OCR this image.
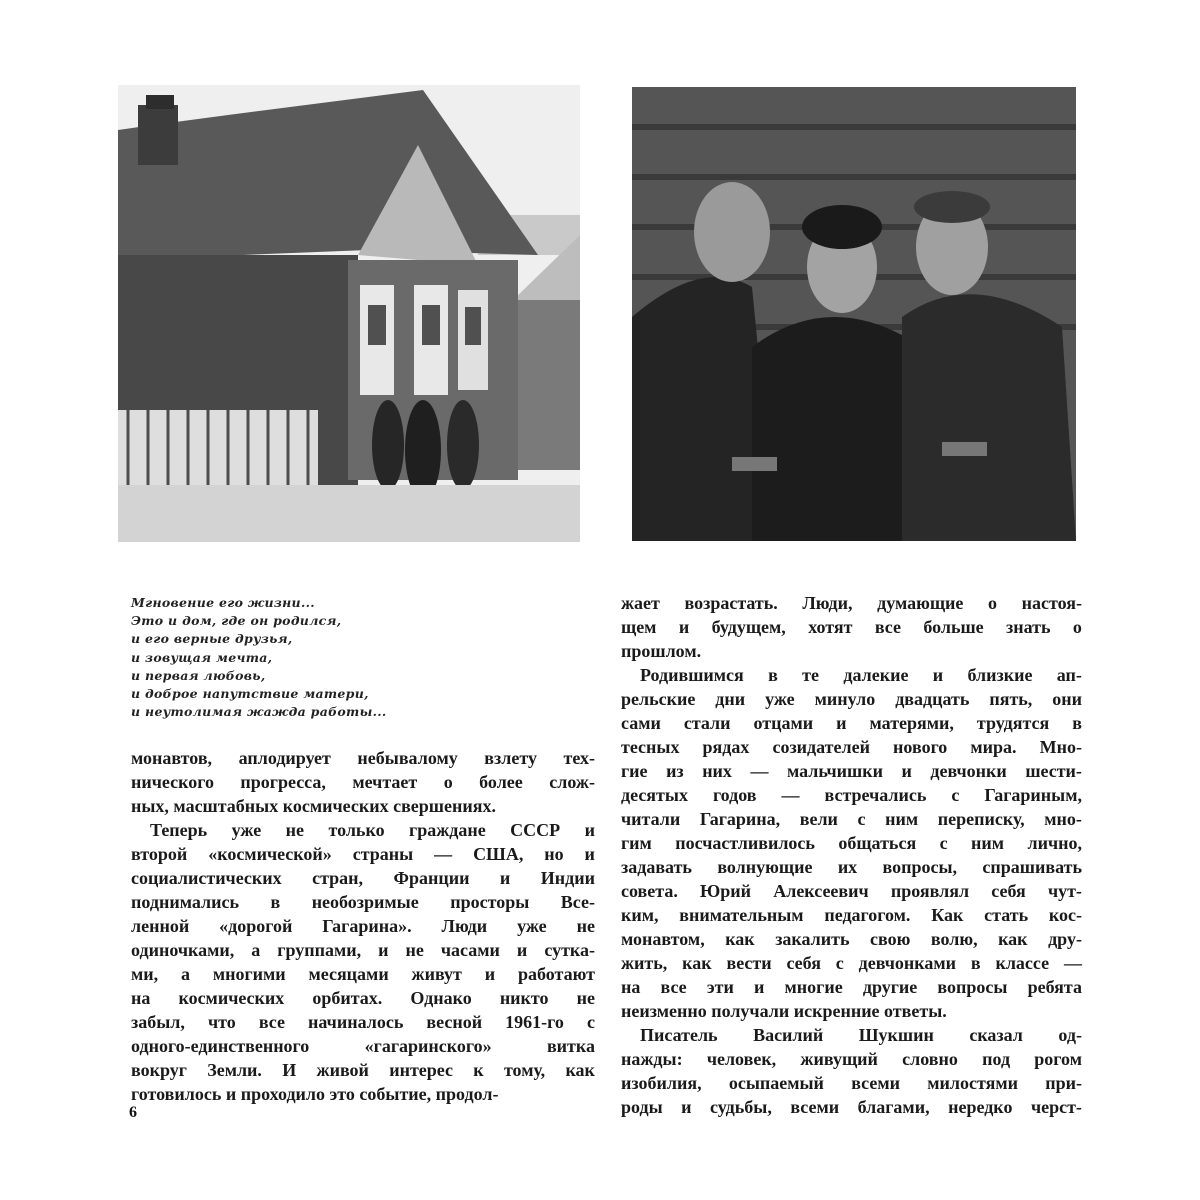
Мгновение его жизни...
Это и дом, где он родился,
и его верные друзья,
и зовущая мечта,
и первая любовь,
и доброе напутствие матери,
и неутолимая жажда работы...
монавтов, аплодирует небывалому взлету тех-
нического прогресса, мечтает о более слож-
ных, масштабных космических свершениях.
Теперь уже не только граждане СССР и
второй «космической» страны — США, но и
социалистических стран, Франции и Индии
поднимались в необозримые просторы Все-
ленной «дорогой Гагарина». Люди уже не
одиночками, а группами, и не часами и сутка-
ми, а многими месяцами живут и работают
на космических орбитах. Однако никто не
забыл, что все начиналось весной 1961-го с
одного-единственного	«гагаринского»	витка
вокруг Земли. И живой интерес к тому, как
готовилось и проходило это событие, продол-
жает возрастать. Люди, думающие о настоя-
щем и будущем, хотят все больше знать о
прошлом.
Родившимся в те далекие и близкие ап-
рельские дни уже минуло двадцать пять, они
сами стали отцами и матерями, трудятся в
тесных рядах созидателей нового мира. Мно-
гие из них — мальчишки и девчонки шести-
десятых годов — встречались с Гагариным,
читали Гагарина, вели с ним переписку, мно-
гим посчастливилось общаться с ним лично,
задавать волнующие их вопросы, спрашивать
совета. Юрий Алексеевич проявлял себя чут-
ким, внимательным педагогом. Как стать кос-
монавтом, как закалить свою волю, как дру-
жить, как вести себя с девчонками в классе —
на все эти и многие другие вопросы ребята
неизменно получали искренние ответы.
Писатель Василий Шукшин сказал од-
нажды: человек, живущий словно под рогом
изобилия, осыпаемый всеми милостями при-
роды и судьбы, всеми благами, нередко черст-
6
